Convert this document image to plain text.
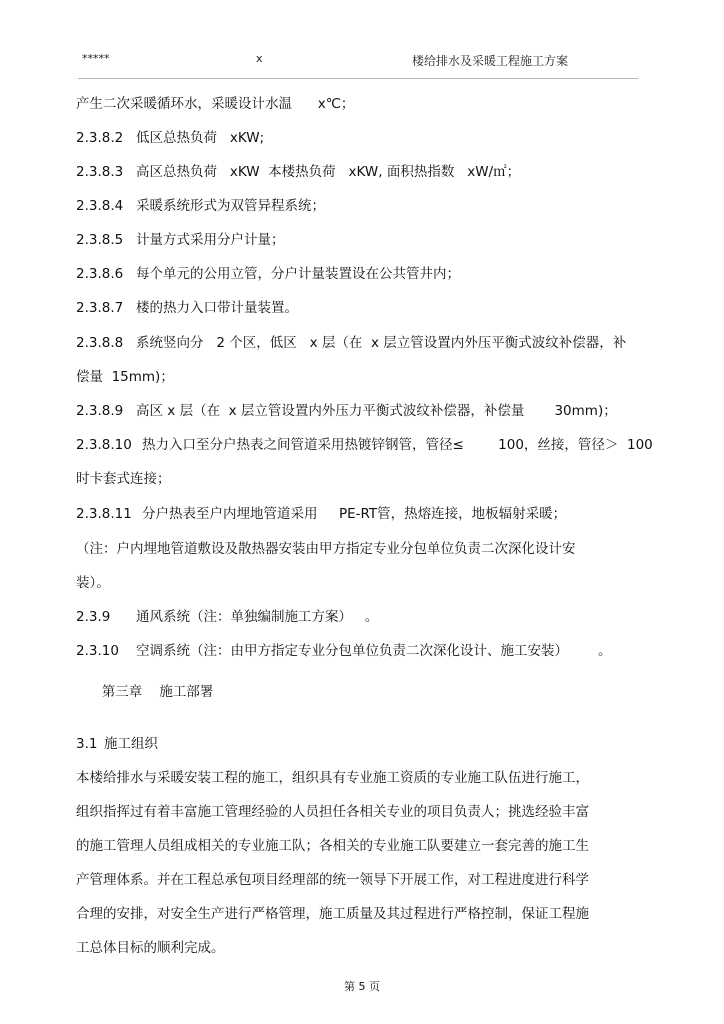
*****	x	楼给排水及采暖工程施工方案
产生二次采暖循环水，采暖设计水温      x℃；
2.3.8.2 低区总热负荷   xKW;
2.3.8.3 高区总热负荷   xKW  本楼热负荷   xKW, 面积热指数   xW/㎡；
2.3.8.4 采暖系统形式为双管异程系统；
2.3.8.5 计量方式采用分户计量；
2.3.8.6 每个单元的公用立管，分户计量装置设在公共管井内；
2.3.8.7 楼的热力入口带计量装置。
2.3.8.8 系统竖向分   2 个区，低区   x 层（在  x 层立管设置内外压平衡式波纹补偿器，补
偿量  15mm)；
2.3.8.9 高区 x 层（在  x 层立管设置内外压力平衡式波纹补偿器，补偿量       30mm)；
2.3.8.10 热力入口至分户热表之间管道采用热镀锌钢管，管径≤        100，丝接，管径＞  100
时卡套式连接；
2.3.8.11 分户热表至户内埋地管道采用     PE-RT管，热熔连接，地板辐射采暖；
（注：户内埋地管道敷设及散热器安装由甲方指定专业分包单位负责二次深化设计安
装）。
2.3.9 通风系统（注：单独编制施工方案）   。
2.3.10 空调系统（注：由甲方指定专业分包单位负责二次深化设计、施工安装）       。
第三章    施工部署
3.1 施工组织
本楼给排水与采暖安装工程的施工，组织具有专业施工资质的专业施工队伍进行施工，
组织指挥过有着丰富施工管理经验的人员担任各相关专业的项目负责人；挑选经验丰富
的施工管理人员组成相关的专业施工队；各相关的专业施工队要建立一套完善的施工生
产管理体系。并在工程总承包项目经理部的统一领导下开展工作，对工程进度进行科学
合理的安排，对安全生产进行严格管理，施工质量及其过程进行严格控制，保证工程施
工总体目标的顺利完成。
第 5 页
